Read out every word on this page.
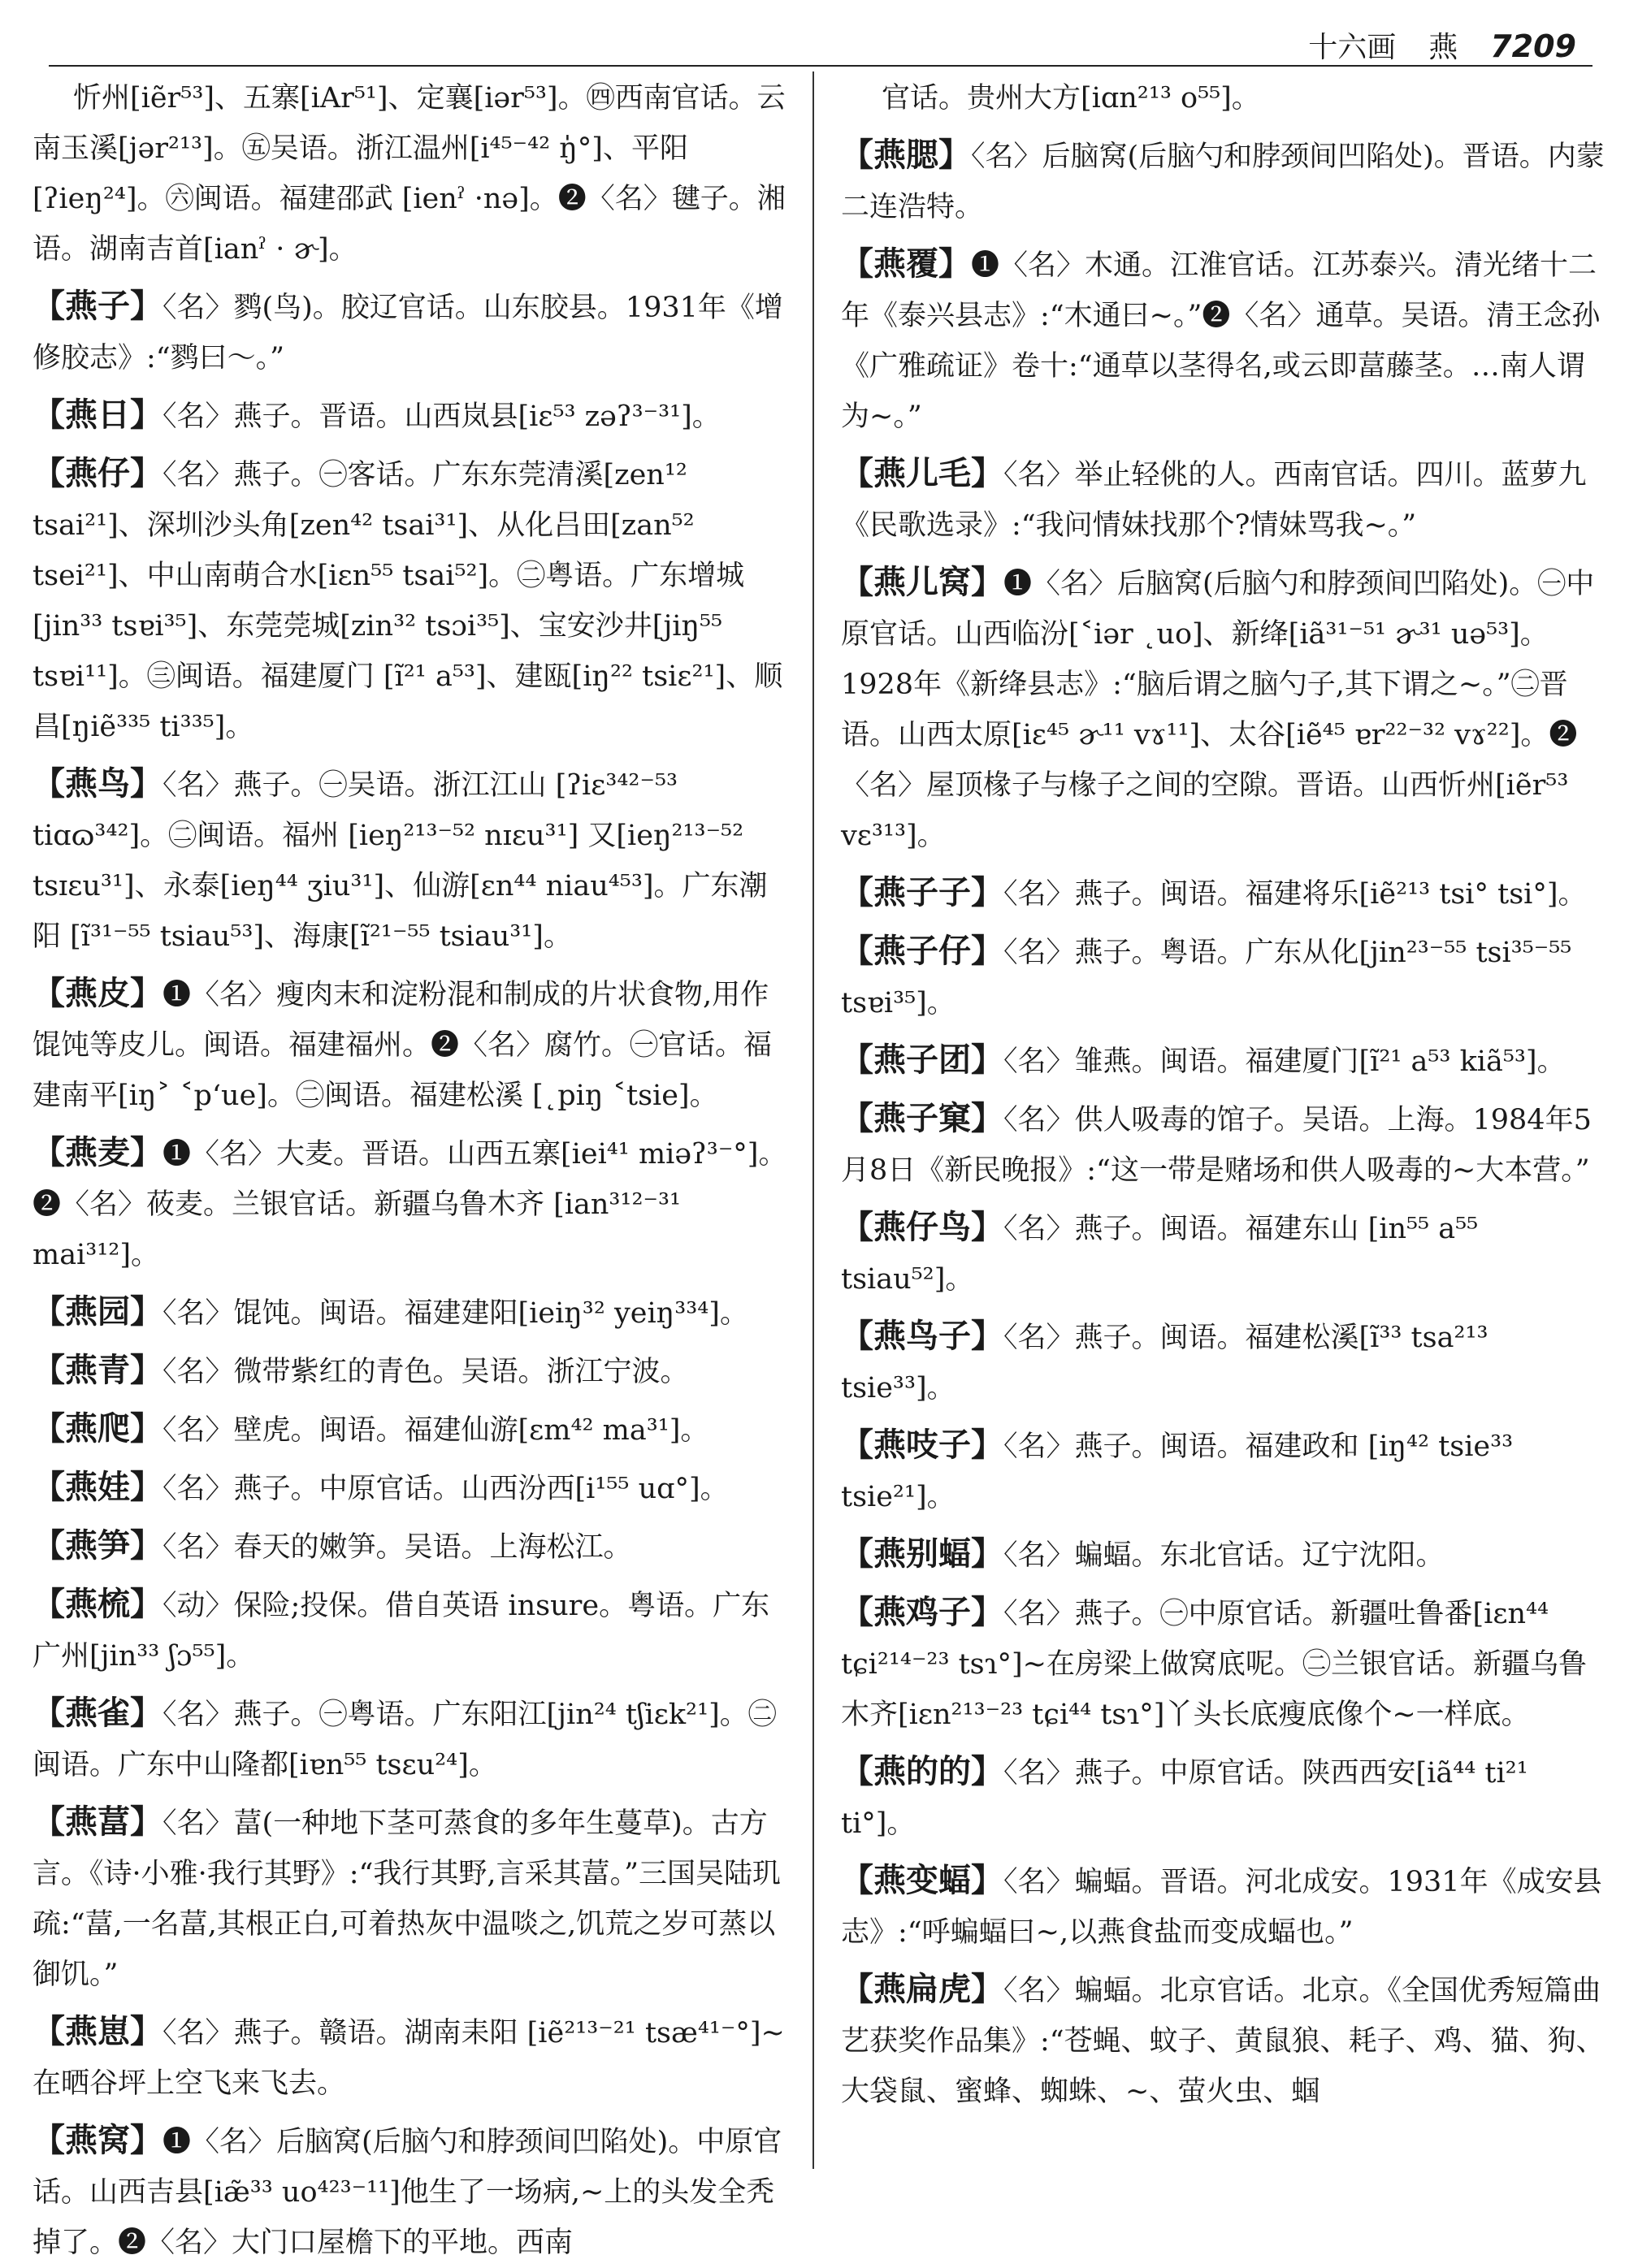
十六画 燕 7209

忻州[iẽr⁵³]、五寨[iAr⁵¹]、定襄[iər⁵³]。㊃西南官话。云南玉溪[jər²¹³]。㊄吴语。浙江温州[i⁴⁵⁻⁴² ŋ̍°]、平阳[ʔieŋ²⁴]。㊅闽语。福建邵武 [ienˀ ·nə]。❷〈名〉毽子。湘语。湖南吉首[ianˀ · ɚ]。

【燕子】〈名〉鹨(鸟)。胶辽官话。山东胶县。1931年《增修胶志》:“鹨曰～。”

【燕日】〈名〉燕子。晋语。山西岚县[iɛ⁵³ zəʔ³⁻³¹]。

【燕仔】〈名〉燕子。㊀客话。广东东莞清溪[zen¹² tsai²¹]、深圳沙头角[zen⁴² tsai³¹]、从化吕田[zan⁵² tsei²¹]、中山南萌合水[iɛn⁵⁵ tsai⁵²]。㊁粤语。广东增城[jin³³ tsɐi³⁵]、东莞莞城[zin³² tsɔi³⁵]、宝安沙井[jiŋ⁵⁵ tsɐi¹¹]。㊂闽语。福建厦门 [ĩ²¹ a⁵³]、建瓯[iŋ²² tsiɛ²¹]、顺昌[ŋiẽ³³⁵ ti³³⁵]。

【燕鸟】〈名〉燕子。㊀吴语。浙江江山 [ʔiɛ³⁴²⁻⁵³ tiɑɷ³⁴²]。㊁闽语。福州 [ieŋ²¹³⁻⁵² nɪɛu³¹] 又[ieŋ²¹³⁻⁵² tsɪɛu³¹]、永泰[ieŋ⁴⁴ ʒiu³¹]、仙游[ɛn⁴⁴ niau⁴⁵³]。广东潮阳 [ĩ³¹⁻⁵⁵ tsiau⁵³]、海康[ĩ²¹⁻⁵⁵ tsiau³¹]。

【燕皮】❶〈名〉瘦肉末和淀粉混和制成的片状食物,用作馄饨等皮儿。闽语。福建福州。❷〈名〉腐竹。㊀官话。福建南平[iŋ˃ ˂pʻue]。㊁闽语。福建松溪 [˛piŋ ˂tsie]。

【燕麦】❶〈名〉大麦。晋语。山西五寨[iei⁴¹ miəʔ³⁻°]。❷〈名〉莜麦。兰银官话。新疆乌鲁木齐 [ian³¹²⁻³¹ mai³¹²]。

【燕园】〈名〉馄饨。闽语。福建建阳[ieiŋ³² yeiŋ³³⁴]。

【燕青】〈名〉微带紫红的青色。吴语。浙江宁波。

【燕爬】〈名〉壁虎。闽语。福建仙游[ɛm⁴² ma³¹]。

【燕娃】〈名〉燕子。中原官话。山西汾西[i¹⁵⁵ uɑ°]。

【燕笋】〈名〉春天的嫩笋。吴语。上海松江。

【燕梳】〈动〉保险;投保。借自英语 insure。粤语。广东广州[jin³³ ʃɔ⁵⁵]。

【燕雀】〈名〉燕子。㊀粤语。广东阳江[jin²⁴ tʃiɛk²¹]。㊁闽语。广东中山隆都[iɐn⁵⁵ tsɛu²⁴]。

【燕葍】〈名〉葍(一种地下茎可蒸食的多年生蔓草)。古方言。《诗·小雅·我行其野》:“我行其野,言采其葍。”三国吴陆玑疏:“葍,一名葍,其根正白,可着热灰中温啖之,饥荒之岁可蒸以御饥。”

【燕崽】〈名〉燕子。赣语。湖南耒阳 [iẽ²¹³⁻²¹ tsæ⁴¹⁻°]~在晒谷坪上空飞来飞去。

【燕窝】❶〈名〉后脑窝(后脑勺和脖颈间凹陷处)。中原官话。山西吉县[iæ̃³³ uo⁴²³⁻¹¹]他生了一场病,~上的头发全秃掉了。❷〈名〉大门口屋檐下的平地。西南

官话。贵州大方[iɑn²¹³ o⁵⁵]。

【燕腮】〈名〉后脑窝(后脑勺和脖颈间凹陷处)。晋语。内蒙二连浩特。

【燕覆】❶〈名〉木通。江淮官话。江苏泰兴。清光绪十二年《泰兴县志》:“木通曰~。”❷〈名〉通草。吴语。清王念孙《广雅疏证》卷十:“通草以茎得名,或云即葍藤茎。…南人谓为~。”

【燕儿毛】〈名〉举止轻佻的人。西南官话。四川。蓝萝九《民歌选录》:“我问情妹找那个?情妹骂我~。”

【燕儿窝】❶〈名〉后脑窝(后脑勺和脖颈间凹陷处)。㊀中原官话。山西临汾[˂iər ˛uo]、新绛[iã³¹⁻⁵¹ ɚ³¹ uə⁵³]。1928年《新绛县志》:“脑后谓之脑勺子,其下谓之~。”㊁晋语。山西太原[iɛ⁴⁵ ɚ¹¹ vɤ¹¹]、太谷[iẽ⁴⁵ ɐr²²⁻³² vɤ²²]。❷〈名〉屋顶椽子与椽子之间的空隙。晋语。山西忻州[iẽr⁵³ vɛ³¹³]。

【燕子子】〈名〉燕子。闽语。福建将乐[iẽ²¹³ tsi° tsi°]。

【燕子仔】〈名〉燕子。粤语。广东从化[jin²³⁻⁵⁵ tsi³⁵⁻⁵⁵ tsɐi³⁵]。

【燕子团】〈名〉雏燕。闽语。福建厦门[ĩ²¹ a⁵³ kiã⁵³]。

【燕子窠】〈名〉供人吸毒的馆子。吴语。上海。1984年5月8日《新民晚报》:“这一带是赌场和供人吸毒的~大本营。”

【燕仔鸟】〈名〉燕子。闽语。福建东山 [in⁵⁵ a⁵⁵ tsiau⁵²]。

【燕鸟子】〈名〉燕子。闽语。福建松溪[ĩ³³ tsa²¹³ tsie³³]。

【燕吱子】〈名〉燕子。闽语。福建政和 [iŋ⁴² tsie³³ tsie²¹]。

【燕别蝠】〈名〉蝙蝠。东北官话。辽宁沈阳。

【燕鸡子】〈名〉燕子。㊀中原官话。新疆吐鲁番[iɛn⁴⁴ tɕi²¹⁴⁻²³ tsɿ°]~在房梁上做窝底呢。㊁兰银官话。新疆乌鲁木齐[iɛn²¹³⁻²³ tɕi⁴⁴ tsɿ°]丫头长底瘦底像个~一样底。

【燕的的】〈名〉燕子。中原官话。陕西西安[iã⁴⁴ ti²¹ ti°]。

【燕变蝠】〈名〉蝙蝠。晋语。河北成安。1931年《成安县志》:“呼蝙蝠曰~,以燕食盐而变成蝠也。”

【燕扁虎】〈名〉蝙蝠。北京官话。北京。《全国优秀短篇曲艺获奖作品集》:“苍蝇、蚊子、黄鼠狼、耗子、鸡、猫、狗、大袋鼠、蜜蜂、蜘蛛、~、萤火虫、蝈
